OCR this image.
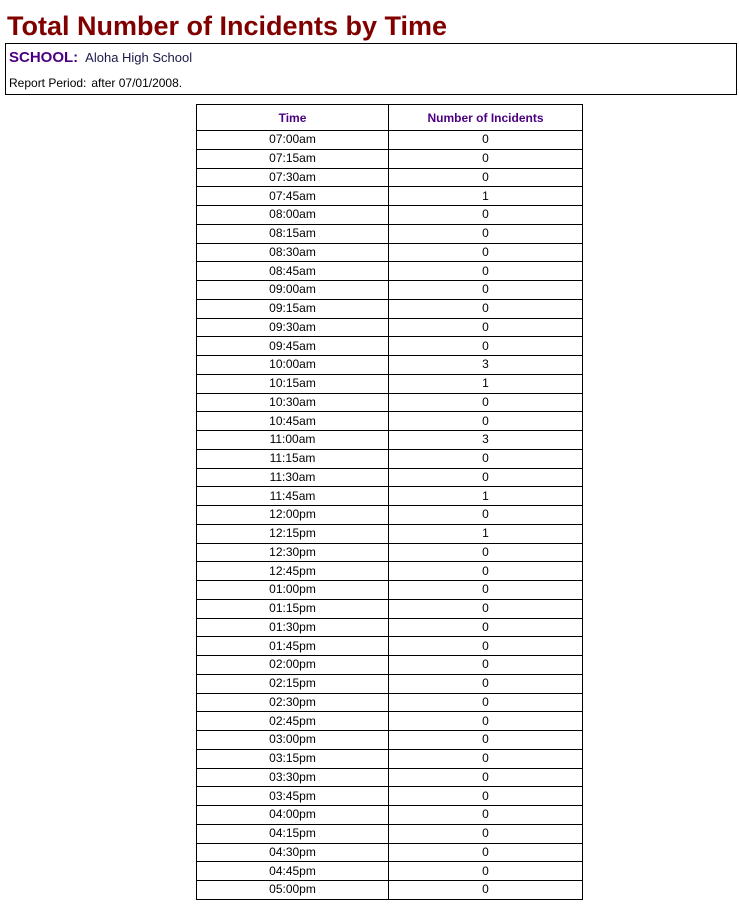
Total Number of Incidents by Time
SCHOOL: Aloha High School
Report Period: after 07/01/2008.
Time	Number of Incidents
07:00am	0
07:15am	0
07:30am	0
07:45am	1
08:00am	0
08:15am	0
08:30am	0
08:45am	0
09:00am	0
09:15am	0
09:30am	0
09:45am	0
10:00am	3
10:15am	1
10:30am	0
10:45am	0
11:00am	3
11:15am	0
11:30am	0
11:45am	1
12:00pm	0
12:15pm	1
12:30pm	0
12:45pm	0
01:00pm	0
01:15pm	0
01:30pm	0
01:45pm	0
02:00pm	0
02:15pm	0
02:30pm	0
02:45pm	0
03:00pm	0
03:15pm	0
03:30pm	0
03:45pm	0
04:00pm	0
04:15pm	0
04:30pm	0
04:45pm	0
05:00pm	0
